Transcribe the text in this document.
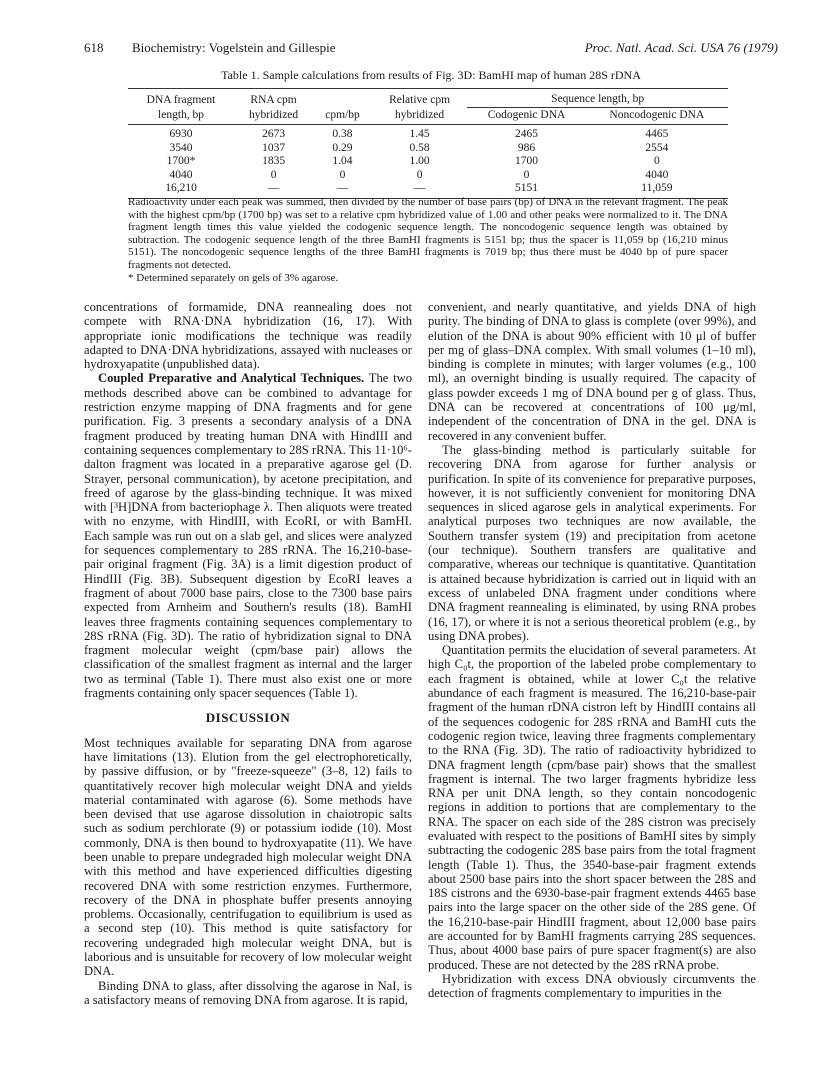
618 Biochemistry: Vogelstein and Gillespie	Proc. Natl. Acad. Sci. USA 76 (1979)
Table 1. Sample calculations from results of Fig. 3D: BamHI map of human 28S rDNA
DNA fragment	RNA cpm		Relative cpm	Sequence length, bp	
length, bp	hybridized	cpm/bp	hybridized	Codogenic DNA	Noncodogenic DNA
6930	2673	0.38	1.45	2465	4465
3540	1037	0.29	0.58	986	2554
1700*	1835	1.04	1.00	1700	0
4040	0	0	0	0	4040
16,210	—	—	—	5151	11,059
Radioactivity under each peak was summed, then divided by the number of base pairs (bp) of DNA in the relevant fragment. The peak with the highest cpm/bp (1700 bp) was set to a relative cpm hybridized value of 1.00 and other peaks were normalized to it. The DNA fragment length times this value yielded the codogenic sequence length. The noncodogenic sequence length was obtained by subtraction. The codogenic sequence length of the three BamHI fragments is 5151 bp; thus the spacer is 11,059 bp (16,210 minus 5151). The noncodogenic sequence lengths of the three BamHI fragments is 7019 bp; thus there must be 4040 bp of pure spacer fragments not detected.
* Determined separately on gels of 3% agarose.

concentrations of formamide, DNA reannealing does not compete with RNA·DNA hybridization (16, 17). With appropriate ionic modifications the technique was readily adapted to DNA·DNA hybridizations, assayed with nucleases or hydroxyapatite (unpublished data).

Coupled Preparative and Analytical Techniques. The two methods described above can be combined to advantage for restriction enzyme mapping of DNA fragments and for gene purification. Fig. 3 presents a secondary analysis of a DNA fragment produced by treating human DNA with HindIII and containing sequences complementary to 28S rRNA. This 11·10⁶-dalton fragment was located in a preparative agarose gel (D. Strayer, personal communication), by acetone precipitation, and freed of agarose by the glass-binding technique. It was mixed with [³H]DNA from bacteriophage λ. Then aliquots were treated with no enzyme, with HindIII, with EcoRI, or with BamHI. Each sample was run out on a slab gel, and slices were analyzed for sequences complementary to 28S rRNA. The 16,210-base-pair original fragment (Fig. 3A) is a limit digestion product of HindIII (Fig. 3B). Subsequent digestion by EcoRI leaves a fragment of about 7000 base pairs, close to the 7300 base pairs expected from Arnheim and Southern's results (18). BamHI leaves three fragments containing sequences complementary to 28S rRNA (Fig. 3D). The ratio of hybridization signal to DNA fragment molecular weight (cpm/base pair) allows the classification of the smallest fragment as internal and the larger two as terminal (Table 1). There must also exist one or more fragments containing only spacer sequences (Table 1).

DISCUSSION

Most techniques available for separating DNA from agarose have limitations (13). Elution from the gel electrophoretically, by passive diffusion, or by "freeze-squeeze" (3–8, 12) fails to quantitatively recover high molecular weight DNA and yields material contaminated with agarose (6). Some methods have been devised that use agarose dissolution in chaiotropic salts such as sodium perchlorate (9) or potassium iodide (10). Most commonly, DNA is then bound to hydroxyapatite (11). We have been unable to prepare undegraded high molecular weight DNA with this method and have experienced difficulties digesting recovered DNA with some restriction enzymes. Furthermore, recovery of the DNA in phosphate buffer presents annoying problems. Occasionally, centrifugation to equilibrium is used as a second step (10). This method is quite satisfactory for recovering undegraded high molecular weight DNA, but is laborious and is unsuitable for recovery of low molecular weight DNA.

Binding DNA to glass, after dissolving the agarose in NaI, is a satisfactory means of removing DNA from agarose. It is rapid,

convenient, and nearly quantitative, and yields DNA of high purity. The binding of DNA to glass is complete (over 99%), and elution of the DNA is about 90% efficient with 10 μl of buffer per mg of glass–DNA complex. With small volumes (1–10 ml), binding is complete in minutes; with larger volumes (e.g., 100 ml), an overnight binding is usually required. The capacity of glass powder exceeds 1 mg of DNA bound per g of glass. Thus, DNA can be recovered at concentrations of 100 μg/ml, independent of the concentration of DNA in the gel. DNA is recovered in any convenient buffer.

The glass-binding method is particularly suitable for recovering DNA from agarose for further analysis or purification. In spite of its convenience for preparative purposes, however, it is not sufficiently convenient for monitoring DNA sequences in sliced agarose gels in analytical experiments. For analytical purposes two techniques are now available, the Southern transfer system (19) and precipitation from acetone (our technique). Southern transfers are qualitative and comparative, whereas our technique is quantitative. Quantitation is attained because hybridization is carried out in liquid with an excess of unlabeled DNA fragment under conditions where DNA fragment reannealing is eliminated, by using RNA probes (16, 17), or where it is not a serious theoretical problem (e.g., by using DNA probes).

Quantitation permits the elucidation of several parameters. At high C₀t, the proportion of the labeled probe complementary to each fragment is obtained, while at lower C₀t the relative abundance of each fragment is measured. The 16,210-base-pair fragment of the human rDNA cistron left by HindIII contains all of the sequences codogenic for 28S rRNA and BamHI cuts the codogenic region twice, leaving three fragments complementary to the RNA (Fig. 3D). The ratio of radioactivity hybridized to DNA fragment length (cpm/base pair) shows that the smallest fragment is internal. The two larger fragments hybridize less RNA per unit DNA length, so they contain noncodogenic regions in addition to portions that are complementary to the RNA. The spacer on each side of the 28S cistron was precisely evaluated with respect to the positions of BamHI sites by simply subtracting the codogenic 28S base pairs from the total fragment length (Table 1). Thus, the 3540-base-pair fragment extends about 2500 base pairs into the short spacer between the 28S and 18S cistrons and the 6930-base-pair fragment extends 4465 base pairs into the large spacer on the other side of the 28S gene. Of the 16,210-base-pair HindIII fragment, about 12,000 base pairs are accounted for by BamHI fragments carrying 28S sequences. Thus, about 4000 base pairs of pure spacer fragment(s) are also produced. These are not detected by the 28S rRNA probe.

Hybridization with excess DNA obviously circumvents the detection of fragments complementary to impurities in the
